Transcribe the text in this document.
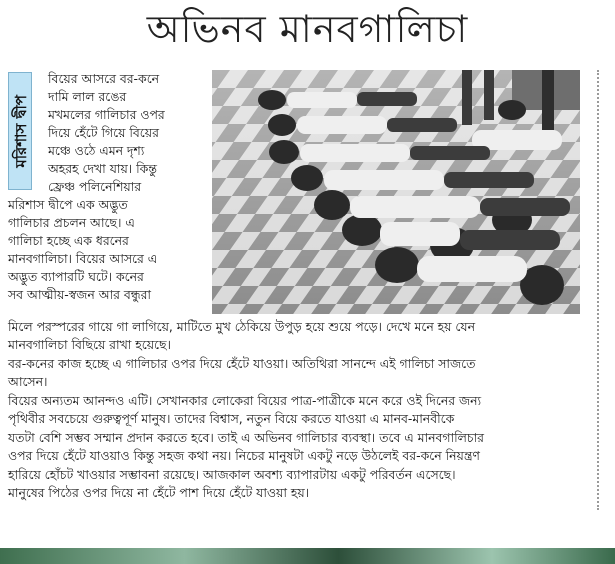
অভিনব মানবগালিচা
মরিশাস দ্বীপ
বিয়ের আসরে বর-কনে
দামি লাল রঙের
মখমলের গালিচার ওপর
দিয়ে হেঁটে গিয়ে বিয়ের
মঞ্চে ওঠে এমন দৃশ্য
অহরহ দেখা যায়। কিন্তু
ফ্রেঞ্চ পলিনেশিয়ার
মরিশাস দ্বীপে এক অদ্ভুত
গালিচার প্রচলন আছে। এ
গালিচা হচ্ছে এক ধরনের
মানবগালিচা। বিয়ের আসরে এ
অদ্ভুত ব্যাপারটি ঘটে। কনের
সব আত্মীয়-স্বজন আর বন্ধুরা
মিলে পরস্পরের গায়ে গা লাগিয়ে, মাটিতে মুখ ঠেকিয়ে উপুড় হয়ে শুয়ে পড়ে। দেখে মনে হয় যেন
মানবগালিচা বিছিয়ে রাখা হয়েছে।
বর-কনের কাজ হচ্ছে এ গালিচার ওপর দিয়ে হেঁটে যাওয়া। অতিথিরা সানন্দে এই গালিচা সাজতে
আসেন।
বিয়ের অন্যতম আনন্দও এটি। সেখানকার লোকেরা বিয়ের পাত্র-পাত্রীকে মনে করে ওই দিনের জন্য
পৃথিবীর সবচেয়ে গুরুত্বপূর্ণ মানুষ। তাদের বিশ্বাস, নতুন বিয়ে করতে যাওয়া এ মানব-মানবীকে
যতটা বেশি সম্ভব সম্মান প্রদান করতে হবে। তাই এ অভিনব গালিচার ব্যবস্থা। তবে এ মানবগালিচার
ওপর দিয়ে হেঁটে যাওয়াও কিন্তু সহজ কথা নয়। নিচের মানুষটা একটু নড়ে উঠলেই বর-কনে নিয়ন্ত্রণ
হারিয়ে হোঁচট খাওয়ার সম্ভাবনা রয়েছে। আজকাল অবশ্য ব্যাপারটায় একটু পরিবর্তন এসেছে।
মানুষের পিঠের ওপর দিয়ে না হেঁটে পাশ দিয়ে হেঁটে যাওয়া হয়।
